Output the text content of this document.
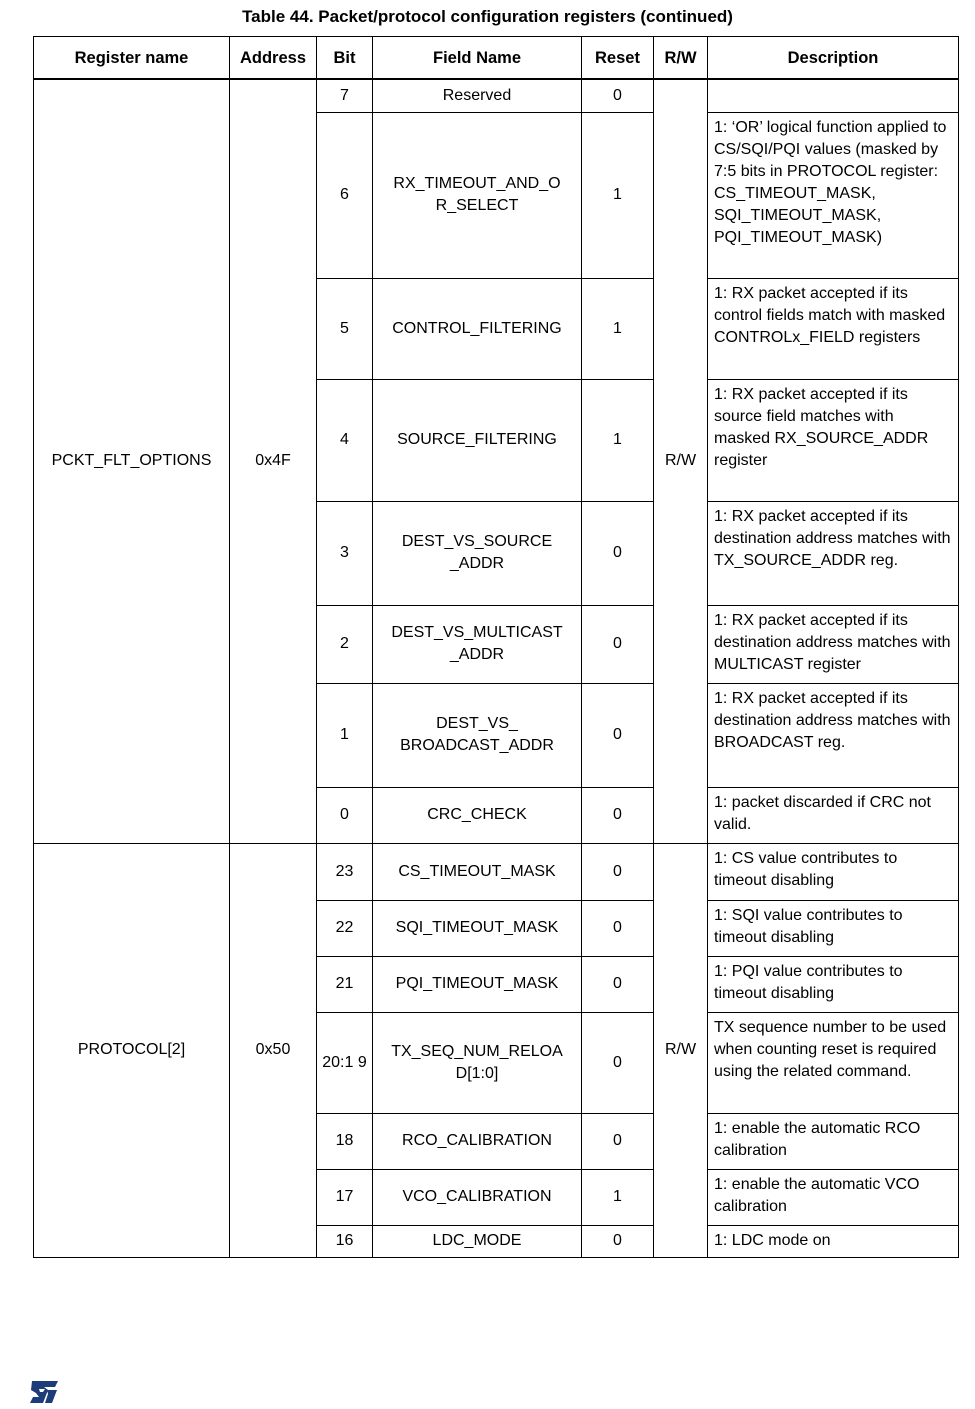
Table 44. Packet/protocol configuration registers (continued)
Register name	Address	Bit	Field Name	Reset	R/W	Description
PCKT_FLT_OPTIONS	0x4F	7	Reserved	0	R/W	
		6	RX_TIMEOUT_AND_O R_SELECT	1		1: ‘OR’ logical function applied to CS/SQI/PQI values (masked by 7:5 bits in PROTOCOL register: CS_TIMEOUT_MASK, SQI_TIMEOUT_MASK, PQI_TIMEOUT_MASK)
		5	CONTROL_FILTERING	1		1: RX packet accepted if its control fields match with masked CONTROLx_FIELD registers
		4	SOURCE_FILTERING	1		1: RX packet accepted if its source field matches with masked RX_SOURCE_ADDR register
		3	DEST_VS_SOURCE _ADDR	0		1: RX packet accepted if its destination address matches with TX_SOURCE_ADDR reg.
		2	DEST_VS_MULTICAST _ADDR	0		1: RX packet accepted if its destination address matches with MULTICAST register
		1	DEST_VS_ BROADCAST_ADDR	0		1: RX packet accepted if its destination address matches with BROADCAST reg.
		0	CRC_CHECK	0		1: packet discarded if CRC not valid.
PROTOCOL[2]	0x50	23	CS_TIMEOUT_MASK	0	R/W	1: CS value contributes to timeout disabling
		22	SQI_TIMEOUT_MASK	0		1: SQI value contributes to timeout disabling
		21	PQI_TIMEOUT_MASK	0		1: PQI value contributes to timeout disabling
		20:1 9	TX_SEQ_NUM_RELOA D[1:0]	0		TX sequence number to be used when counting reset is required using the related command.
		18	RCO_CALIBRATION	0		1: enable the automatic RCO calibration
		17	VCO_CALIBRATION	1		1: enable the automatic VCO calibration
		16	LDC_MODE	0		1: LDC mode on
